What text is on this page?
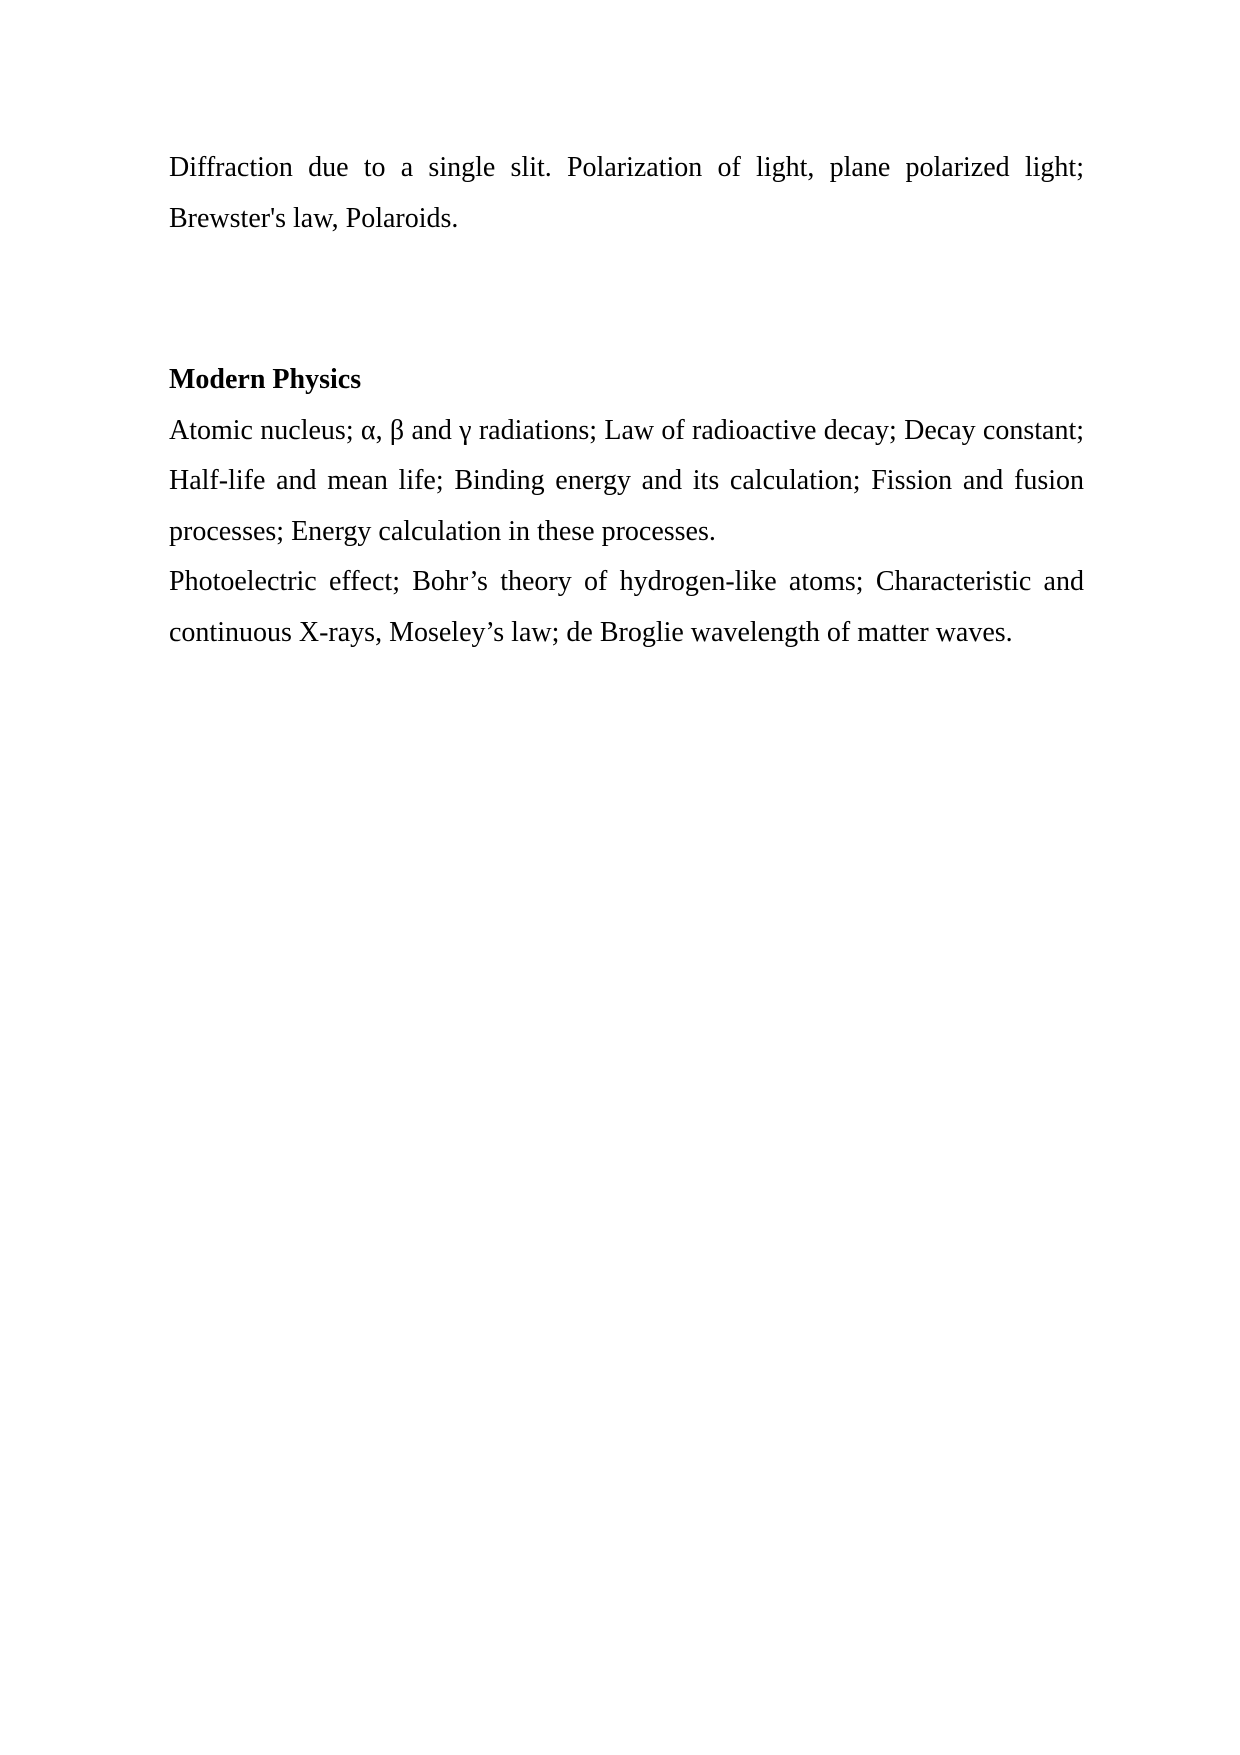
Diffraction due to a single slit. Polarization of light, plane polarized light; Brewster's law, Polaroids.

Modern Physics

Atomic nucleus; α, β and γ radiations; Law of radioactive decay; Decay constant; Half-life and mean life; Binding energy and its calculation; Fission and fusion processes; Energy calculation in these processes.

Photoelectric effect; Bohr’s theory of hydrogen-like atoms; Characteristic and continuous X-rays, Moseley’s law; de Broglie wavelength of matter waves.
